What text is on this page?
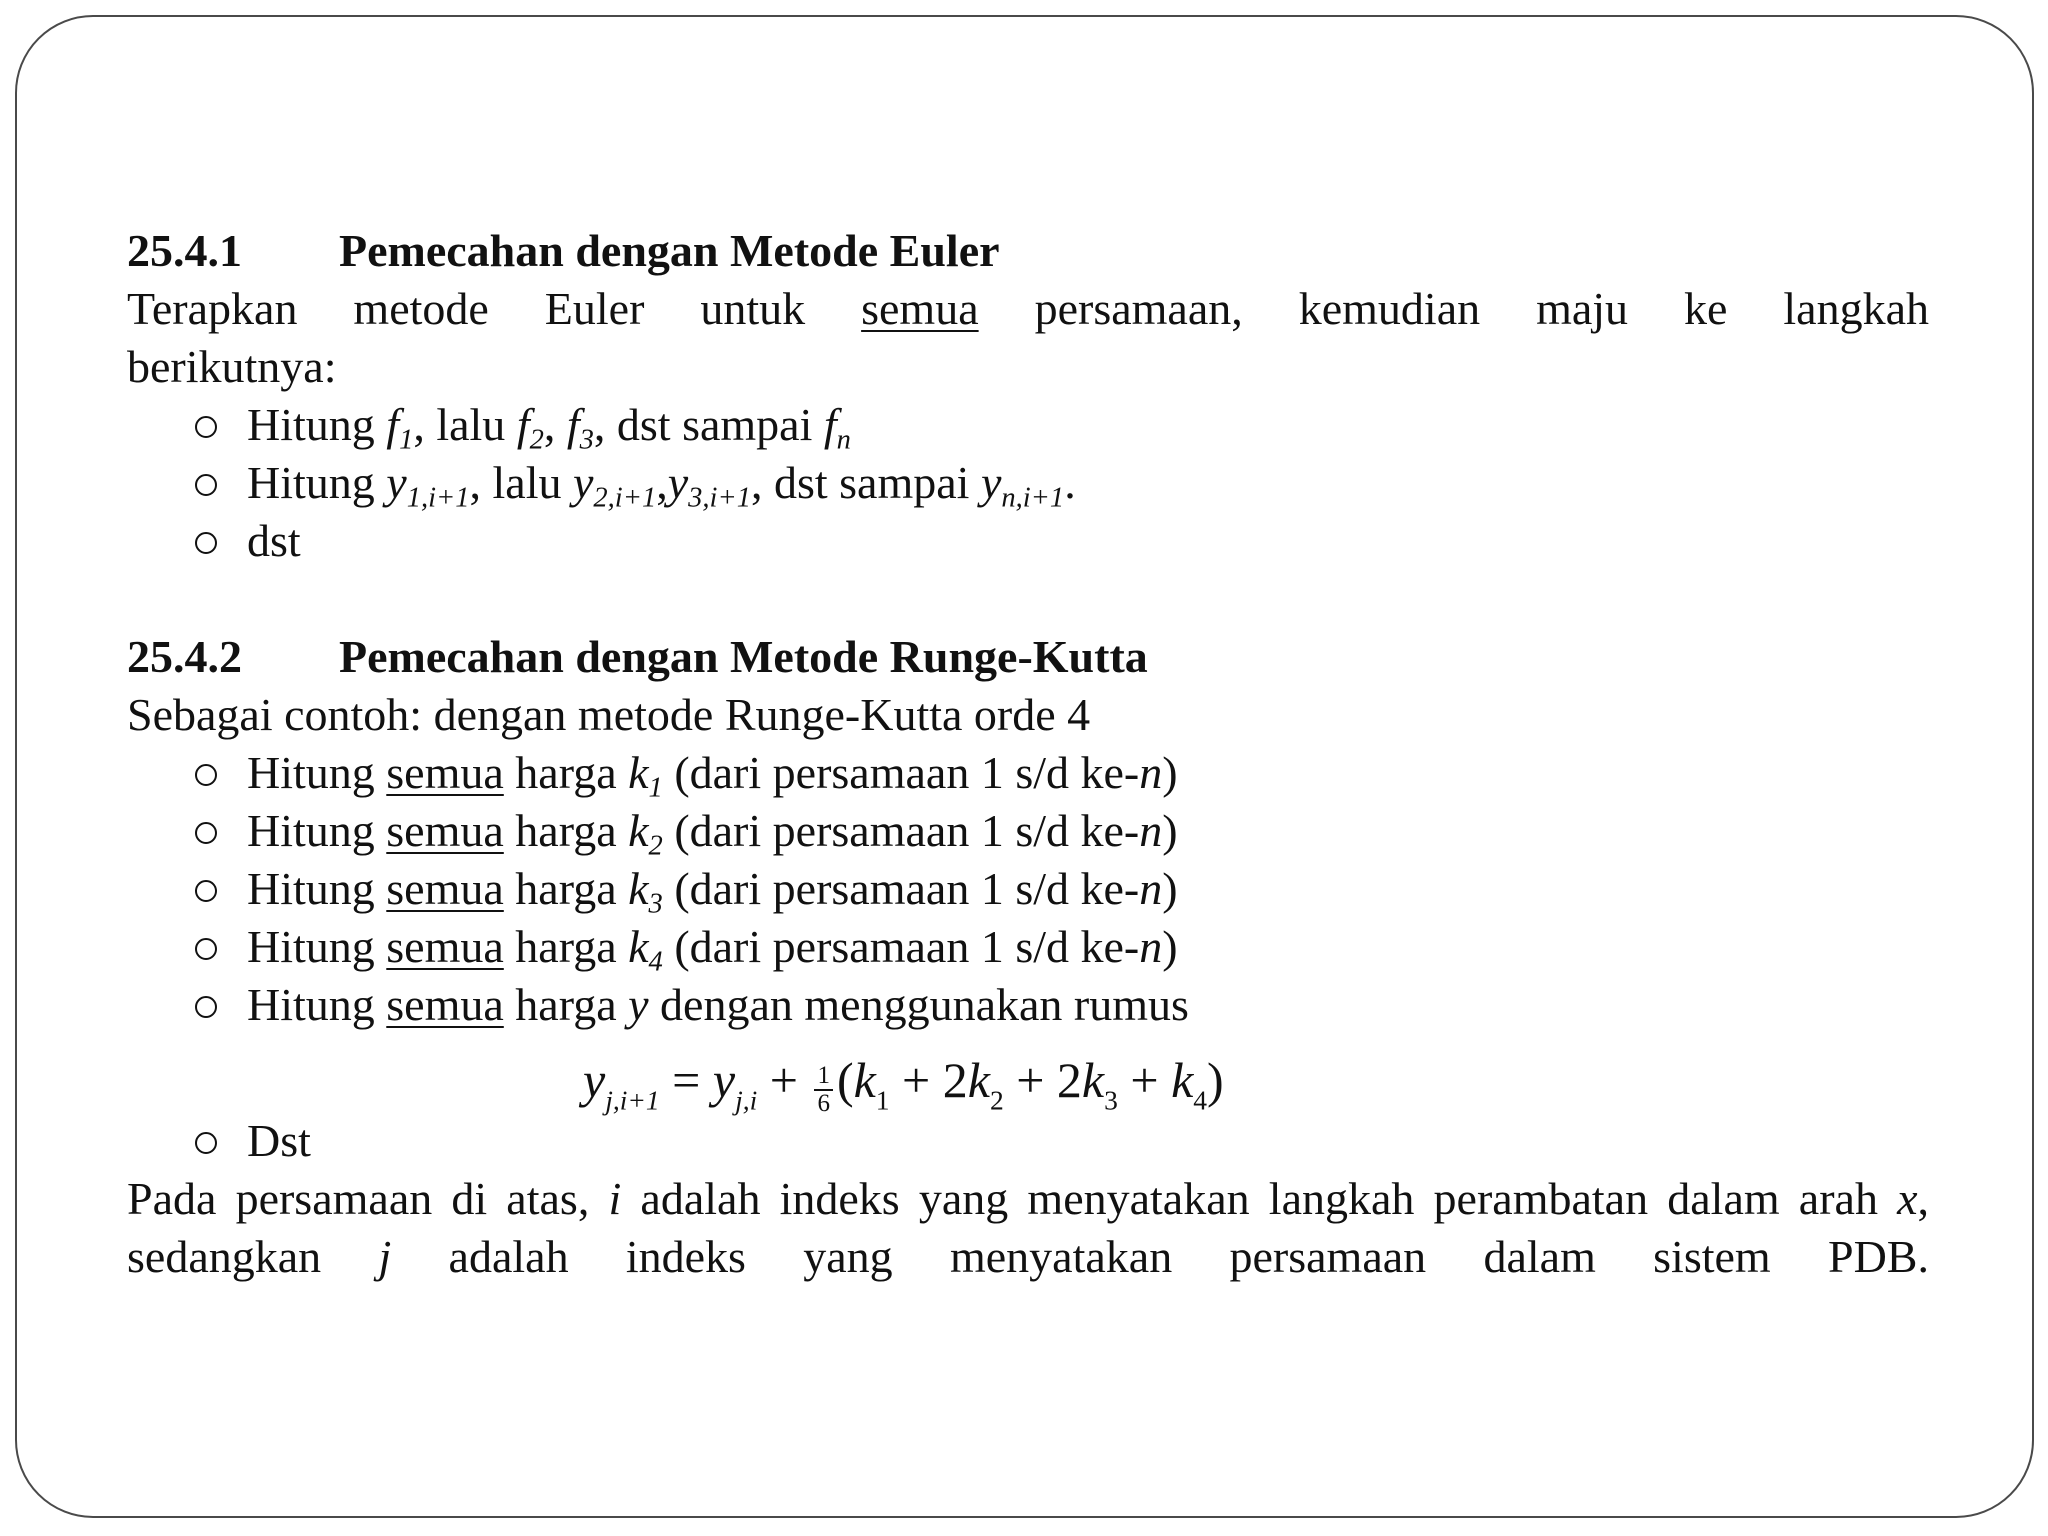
25.4.1 Pemecahan dengan Metode Euler
Terapkan metode Euler untuk semua persamaan, kemudian maju ke langkah
berikutnya:
Hitung $f_1$, lalu $f_2$, $f_3$, dst sampai $f_n$
Hitung $y_{1,i+1}$, lalu $y_{2,i+1},y_{3,i+1}$, dst sampai $y_{n,i+1}$.
dst
25.4.2 Pemecahan dengan Metode Runge-Kutta
Sebagai contoh: dengan metode Runge-Kutta orde 4
Hitung semua harga $k_1$ (dari persamaan 1 s/d ke-n)
Hitung semua harga $k_2$ (dari persamaan 1 s/d ke-n)
Hitung semua harga $k_3$ (dari persamaan 1 s/d ke-n)
Hitung semua harga $k_4$ (dari persamaan 1 s/d ke-n)
Hitung semua harga y dengan menggunakan rumus
Dst
Pada persamaan di atas, i adalah indeks yang menyatakan langkah perambatan dalam arah x, sedangkan j adalah indeks yang menyatakan persamaan dalam sistem PDB.
$y_{j,i+1} = y_{j,i} + \frac{1}{6} (k_1 + 2k_2 + 2k_3 + k_4)$
